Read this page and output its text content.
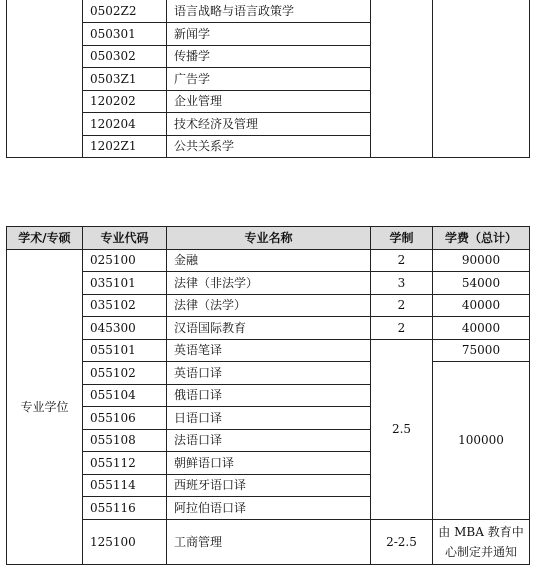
	0502Z2	语言战略与语言政策学		
	050301	新闻学		
	050302	传播学		
	0503Z1	广告学		
	120202	企业管理		
	120204	技术经济及管理		
	1202Z1	公共关系学		
学术/专硕	专业代码	专业名称	学制	学费（总计）
专业学位	025100	金融	2	90000
	035101	法律（非法学）	3	54000
	035102	法律（法学）	2	40000
	045300	汉语国际教育	2	40000
	055101	英语笔译	2.5	75000
	055102	英语口译		100000
	055104	俄语口译		
	055106	日语口译		
	055108	法语口译		
	055112	朝鲜语口译		
	055114	西班牙语口译		
	055116	阿拉伯语口译		
	125100	工商管理	2-2.5	由 MBA 教育中心制定并通知
